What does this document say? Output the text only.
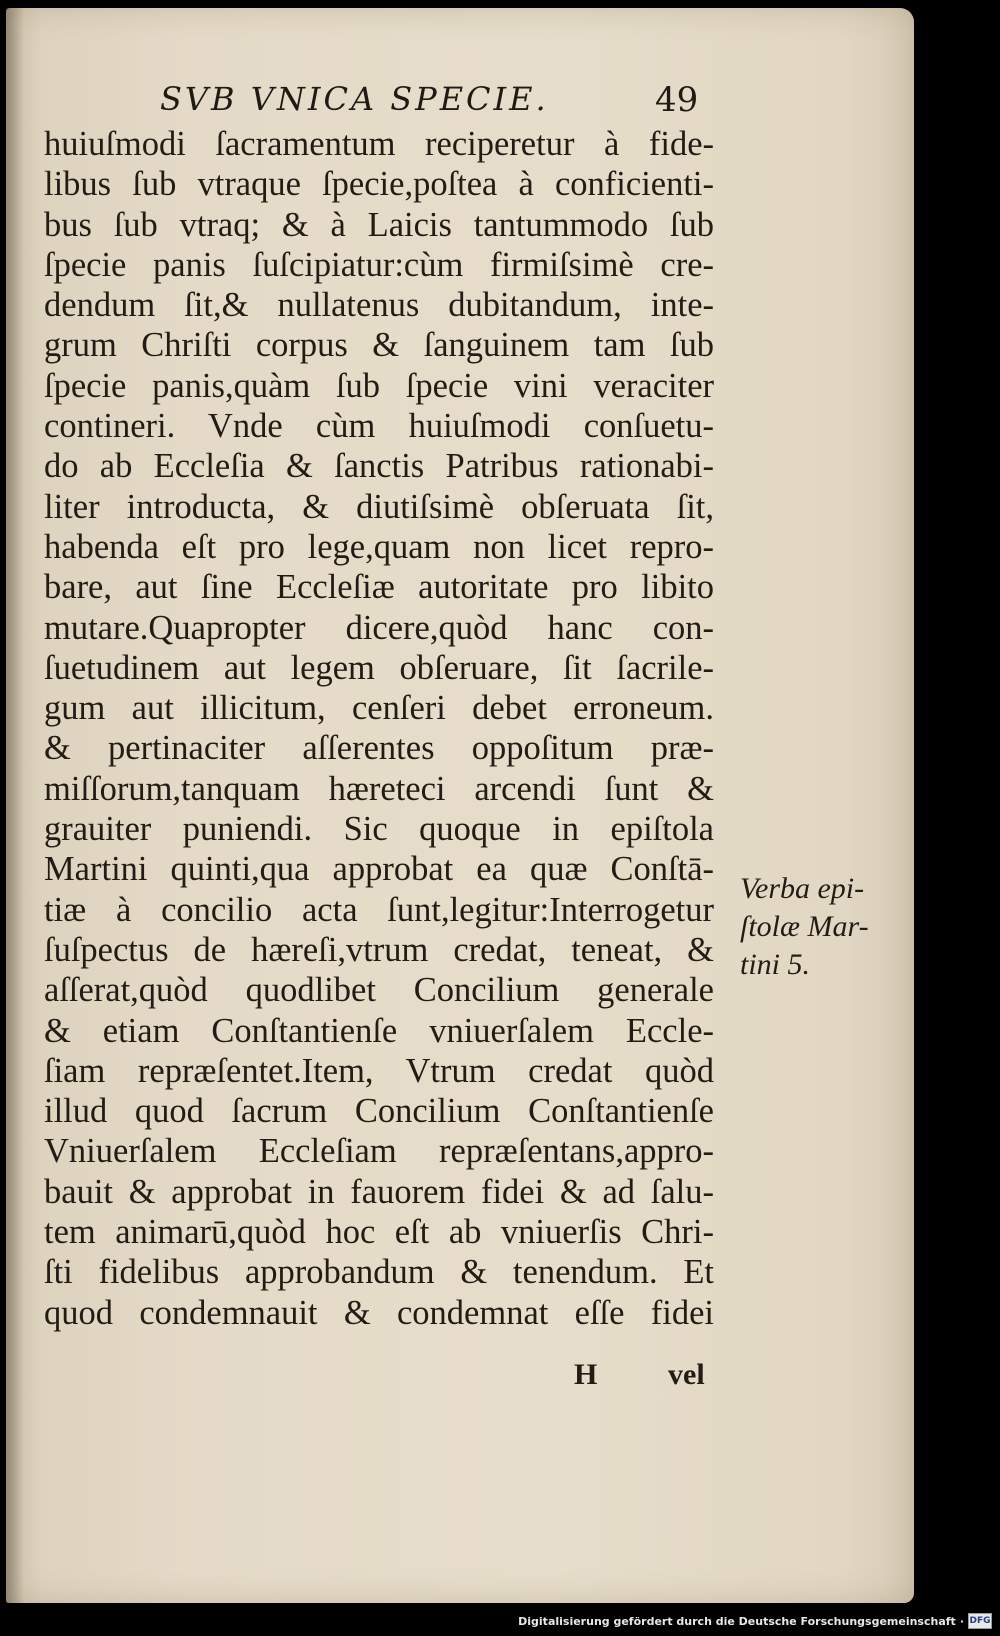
SVB VNICA SPECIE.	49
huiuſmodi ſacramentum reciperetur à fide-
libus ſub vtraque ſpecie,poſtea à conficienti-
bus ſub vtraq; & à Laicis tantummodo ſub
ſpecie panis ſuſcipiatur:cùm firmiſsimè cre-
dendum ſit,& nullatenus dubitandum, inte-
grum Chriſti corpus & ſanguinem tam ſub
ſpecie panis,quàm ſub ſpecie vini veraciter
contineri. Vnde cùm huiuſmodi conſuetu-
do ab Eccleſia & ſanctis Patribus rationabi-
liter introducta, & diutiſsimè obſeruata ſit,
habenda eſt pro lege,quam non licet repro-
bare, aut ſine Eccleſiæ autoritate pro libito
mutare.Quapropter dicere,quòd hanc con-
ſuetudinem aut legem obſeruare, ſit ſacrile-
gum aut illicitum, cenſeri debet erroneum.
& pertinaciter aſſerentes oppoſitum præ-
miſſorum,tanquam hæreteci arcendi ſunt &
grauiter puniendi. Sic quoque in epiſtola
Martini quinti,qua approbat ea quæ Conſtā-
tiæ à concilio acta ſunt,legitur:Interrogetur
ſuſpectus de hæreſi,vtrum credat, teneat, &
aſſerat,quòd quodlibet Concilium generale
& etiam Conſtantienſe vniuerſalem Eccle-
ſiam repræſentet.Item, Vtrum credat quòd
illud quod ſacrum Concilium Conſtantienſe
Vniuerſalem Eccleſiam repræſentans,appro-
bauit & approbat in fauorem fidei & ad ſalu-
tem animarū,quòd hoc eſt ab vniuerſis Chri-
ſti fidelibus approbandum & tenendum. Et
quod condemnauit & condemnat eſſe fidei
Verba epi-
ſtolæ Mar-
tini 5.
H vel
Digitalisierung gefördert durch die Deutsche Forschungsgemeinschaft · DFG
